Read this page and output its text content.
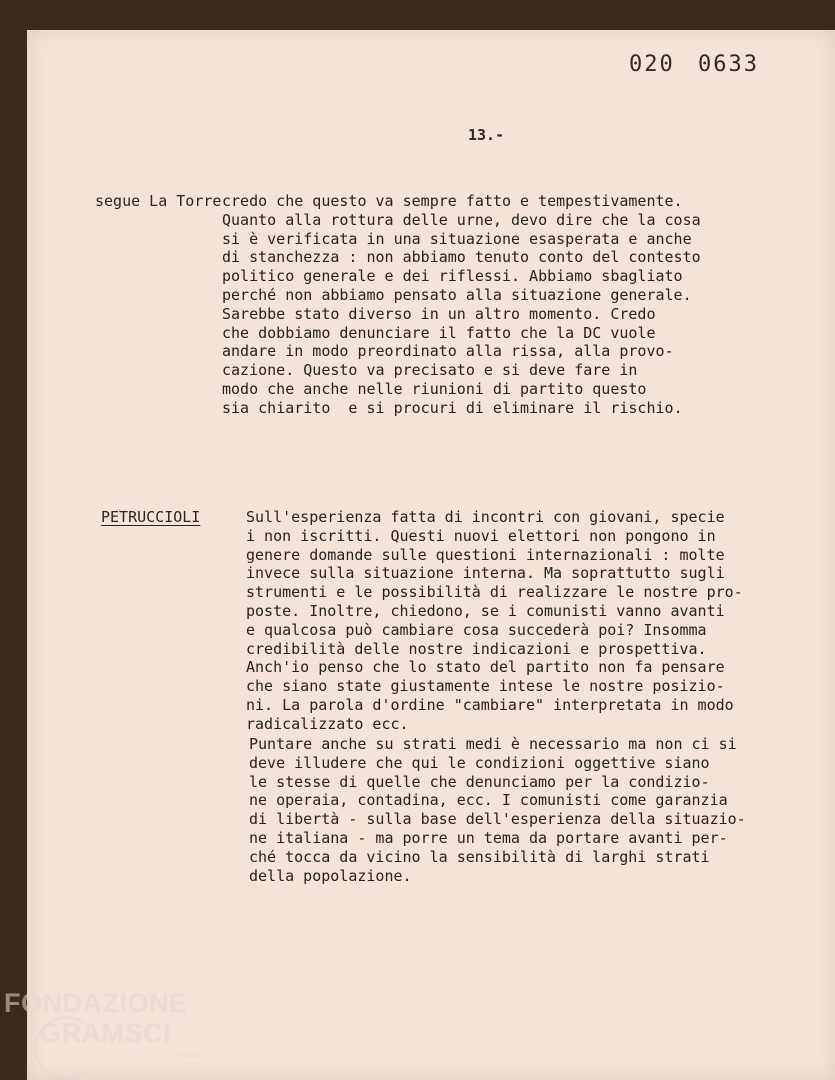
020 0633
13.-
segue La Torre credo che questo va sempre fatto e tempestivamente.
Quanto alla rottura delle urne, devo dire che la cosa
si è verificata in una situazione esasperata e anche
di stanchezza : non abbiamo tenuto conto del contesto
politico generale e dei riflessi. Abbiamo sbagliato
perché non abbiamo pensato alla situazione generale.
Sarebbe stato diverso in un altro momento. Credo
che dobbiamo denunciare il fatto che la DC vuole
andare in modo preordinato alla rissa, alla provo-
cazione. Questo va precisato e si deve fare in
modo che anche nelle riunioni di partito questo
sia chiarito  e si procuri di eliminare il rischio.
PETRUCCIOLI	Sull'esperienza fatta di incontri con giovani, specie
i non iscritti. Questi nuovi elettori non pongono in
genere domande sulle questioni internazionali : molte
invece sulla situazione interna. Ma soprattutto sugli
strumenti e le possibilità di realizzare le nostre pro-
poste. Inoltre, chiedono, se i comunisti vanno avanti
e qualcosa può cambiare cosa succederà poi? Insomma
credibilità delle nostre indicazioni e prospettiva.
Anch'io penso che lo stato del partito non fa pensare
che siano state giustamente intese le nostre posizio-
ni. La parola d'ordine "cambiare" interpretata in modo
radicalizzato ecc.
Puntare anche su strati medi è necessario ma non ci si
deve illudere che qui le condizioni oggettive siano
le stesse di quelle che denunciamo per la condizio-
ne operaia, contadina, ecc. I comunisti come garanzia
di libertà - sulla base dell'esperienza della situazio-
ne italiana - ma porre un tema da portare avanti per-
ché tocca da vicino la sensibilità di larghi strati
della popolazione.
FONDAZIONE
GRAMSCI
onlus
